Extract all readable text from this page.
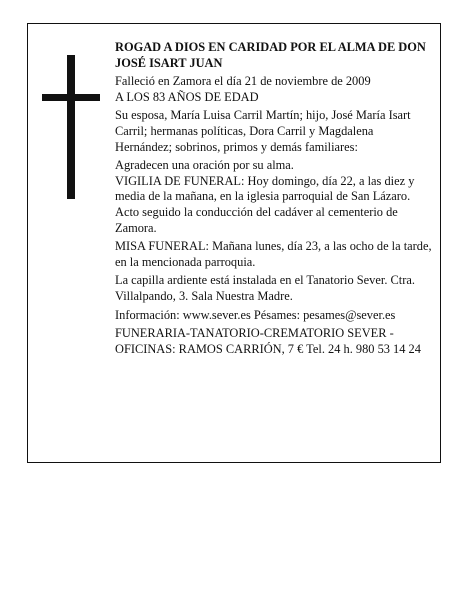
ROGAD A DIOS EN CARIDAD POR EL ALMA DE DON JOSÉ ISART JUAN

Falleció en Zamora el día 21 de noviembre de 2009

A LOS 83 AÑOS DE EDAD

Su esposa, María Luisa Carril Martín; hijo, José María Isart Carril; hermanas políticas, Dora Carril y Magdalena Hernández; sobrinos, primos y demás familiares:

Agradecen una oración por su alma.

VIGILIA DE FUNERAL: Hoy domingo, día 22, a las diez y media de la mañana, en la iglesia parroquial de San Lázaro. Acto seguido la conducción del cadáver al cementerio de Zamora.

MISA FUNERAL: Mañana lunes, día 23, a las ocho de la tarde, en la mencionada parroquia.

La capilla ardiente está instalada en el Tanatorio Sever. Ctra. Villalpando, 3. Sala Nuestra Madre.

Información: www.sever.es Pésames: pesames@sever.es

FUNERARIA-TANATORIO-CREMATORIO SEVER - OFICINAS: RAMOS CARRIÓN, 7 € Tel. 24 h. 980 53 14 24
